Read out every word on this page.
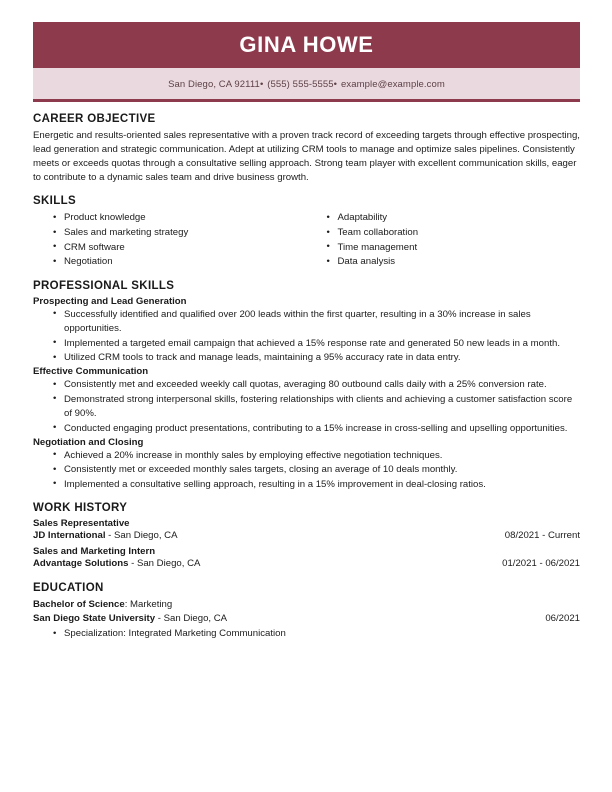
GINA HOWE
San Diego, CA 92111• (555) 555-5555• example@example.com
CAREER OBJECTIVE
Energetic and results-oriented sales representative with a proven track record of exceeding targets through effective prospecting, lead generation and strategic communication. Adept at utilizing CRM tools to manage and optimize sales pipelines. Consistently meets or exceeds quotas through a consultative selling approach. Strong team player with excellent communication skills, eager to contribute to a dynamic sales team and drive business growth.
SKILLS
• Product knowledge
• Sales and marketing strategy
• CRM software
• Negotiation
• Adaptability
• Team collaboration
• Time management
• Data analysis
PROFESSIONAL SKILLS
Prospecting and Lead Generation
• Successfully identified and qualified over 200 leads within the first quarter, resulting in a 30% increase in sales opportunities.
• Implemented a targeted email campaign that achieved a 15% response rate and generated 50 new leads in a month.
• Utilized CRM tools to track and manage leads, maintaining a 95% accuracy rate in data entry.
Effective Communication
• Consistently met and exceeded weekly call quotas, averaging 80 outbound calls daily with a 25% conversion rate.
• Demonstrated strong interpersonal skills, fostering relationships with clients and achieving a customer satisfaction score of 90%.
• Conducted engaging product presentations, contributing to a 15% increase in cross-selling and upselling opportunities.
Negotiation and Closing
• Achieved a 20% increase in monthly sales by employing effective negotiation techniques.
• Consistently met or exceeded monthly sales targets, closing an average of 10 deals monthly.
• Implemented a consultative selling approach, resulting in a 15% improvement in deal-closing ratios.
WORK HISTORY
Sales Representative
JD International - San Diego, CA	08/2021 - Current
Sales and Marketing Intern
Advantage Solutions - San Diego, CA	01/2021 - 06/2021
EDUCATION
Bachelor of Science: Marketing
San Diego State University - San Diego, CA	06/2021
• Specialization: Integrated Marketing Communication
